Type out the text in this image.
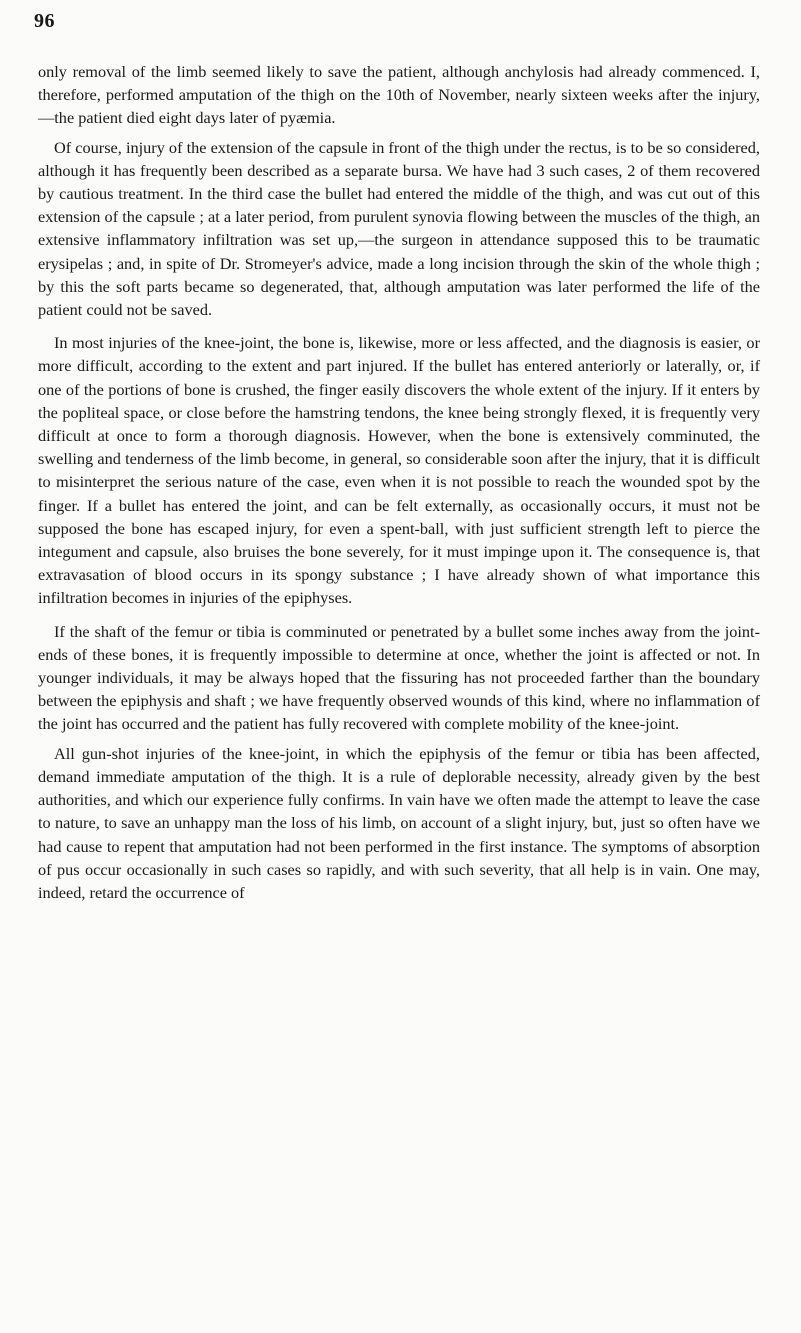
96

only removal of the limb seemed likely to save the patient, although anchylosis had already commenced. I, therefore, performed amputation of the thigh on the 10th of November, nearly sixteen weeks after the injury,—the patient died eight days later of pyæmia.

Of course, injury of the extension of the capsule in front of the thigh under the rectus, is to be so considered, although it has frequently been described as a separate bursa. We have had 3 such cases, 2 of them recovered by cautious treatment. In the third case the bullet had entered the middle of the thigh, and was cut out of this extension of the capsule ; at a later period, from purulent synovia flowing between the muscles of the thigh, an extensive inflammatory infiltration was set up,—the surgeon in attendance supposed this to be traumatic erysipelas ; and, in spite of Dr. Stromeyer's advice, made a long incision through the skin of the whole thigh ; by this the soft parts became so degenerated, that, although amputation was later performed the life of the patient could not be saved.

In most injuries of the knee-joint, the bone is, likewise, more or less affected, and the diagnosis is easier, or more difficult, according to the extent and part injured. If the bullet has entered anteriorly or laterally, or, if one of the portions of bone is crushed, the finger easily discovers the whole extent of the injury. If it enters by the popliteal space, or close before the hamstring tendons, the knee being strongly flexed, it is frequently very difficult at once to form a thorough diagnosis. However, when the bone is extensively comminuted, the swelling and tenderness of the limb become, in general, so considerable soon after the injury, that it is difficult to misinterpret the serious nature of the case, even when it is not possible to reach the wounded spot by the finger. If a bullet has entered the joint, and can be felt externally, as occasionally occurs, it must not be supposed the bone has escaped injury, for even a spent-ball, with just sufficient strength left to pierce the integument and capsule, also bruises the bone severely, for it must impinge upon it. The consequence is, that extravasation of blood occurs in its spongy substance ; I have already shown of what importance this infiltration becomes in injuries of the epiphyses.

If the shaft of the femur or tibia is comminuted or penetrated by a bullet some inches away from the joint-ends of these bones, it is frequently impossible to determine at once, whether the joint is affected or not. In younger individuals, it may be always hoped that the fissuring has not proceeded farther than the boundary between the epiphysis and shaft ; we have frequently observed wounds of this kind, where no inflammation of the joint has occurred and the patient has fully recovered with complete mobility of the knee-joint.

All gun-shot injuries of the knee-joint, in which the epiphysis of the femur or tibia has been affected, demand immediate amputation of the thigh. It is a rule of deplorable necessity, already given by the best authorities, and which our experience fully confirms. In vain have we often made the attempt to leave the case to nature, to save an unhappy man the loss of his limb, on account of a slight injury, but, just so often have we had cause to repent that amputation had not been performed in the first instance. The symptoms of absorption of pus occur occasionally in such cases so rapidly, and with such severity, that all help is in vain. One may, indeed, retard the occurrence of
